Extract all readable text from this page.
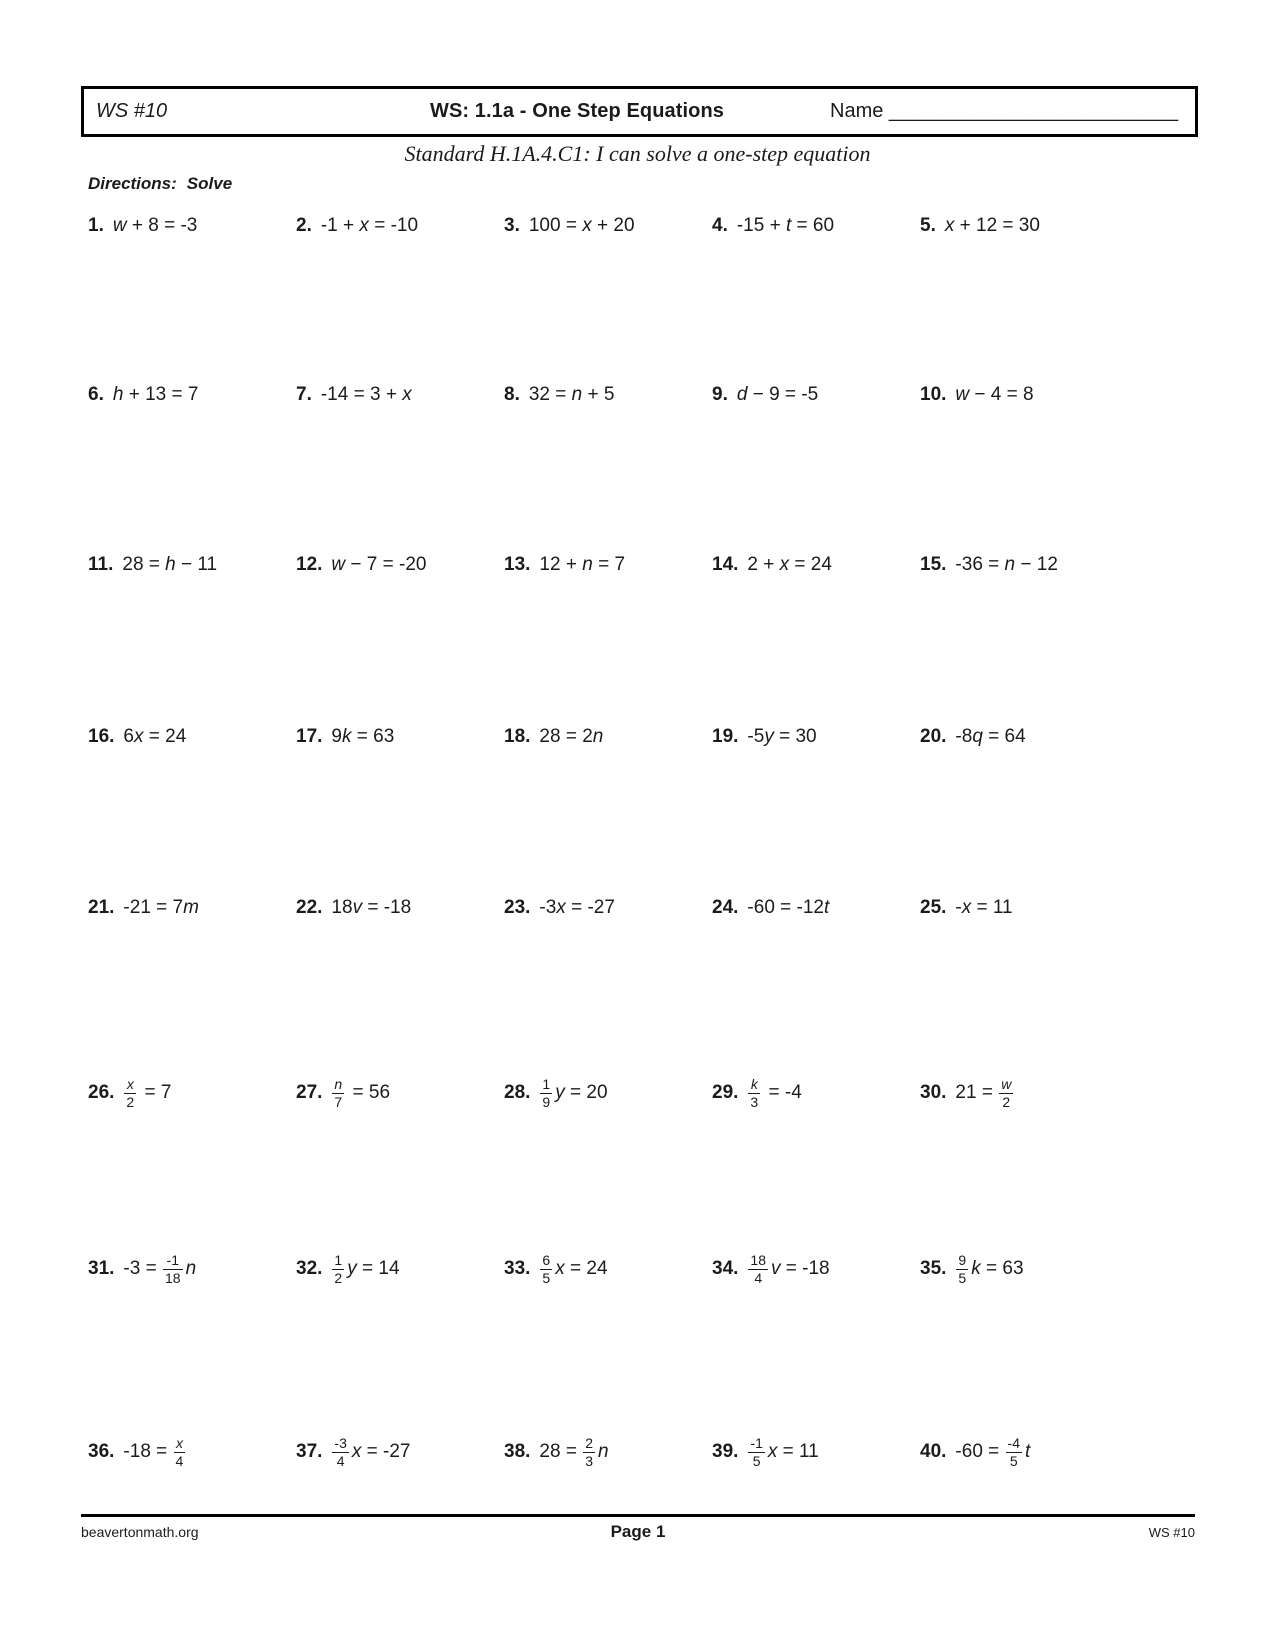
WS #10	WS: 1.1a - One Step Equations	Name __________________________
Standard H.1A.4.C1: I can solve a one-step equation
Directions: Solve
1. w + 8 = -3	2. -1 + x = -10	3. 100 = x + 20	4. -15 + t = 60	5. x + 12 = 30
6. h + 13 = 7	7. -14 = 3 + x	8. 32 = n + 5	9. d − 9 = -5	10. w − 4 = 8
11. 28 = h − 11	12. w − 7 = -20	13. 12 + n = 7	14. 2 + x = 24	15. -36 = n − 12
16. 6 x = 24	17. 9 k = 63	18. 28 = 2 n	19. -5 y = 30	20. -8 q = 64
21. -21 = 7 m	22. 18 v = -18	23. -3 x = -27	24. -60 = -12 t	25. - x = 11
26. $\frac{x}{2} = 7$	27. $\frac{n}{7} = 56$	28. $\frac{1}{9}$ y = 20	29. $\frac{k}{3} = -4$	30. $21 = \frac{w}{2}$
31. $-3 = \frac{-1}{18}$ n	32. $\frac{1}{2}$ y = 14	33. $\frac{6}{5}$ x = 24	34. $\frac{18}{4}$ v = -18	35. $\frac{9}{5}$ k = 63
36. $-18 = \frac{x}{4}$	37. $\frac{-3}{4}$ x = -27	38. $28 = \frac{2}{3}$ n	39. $\frac{-1}{5}$ x = 11	40. $-60 = \frac{-4}{5}$ t
beavertonmath.org	Page 1	WS #10
